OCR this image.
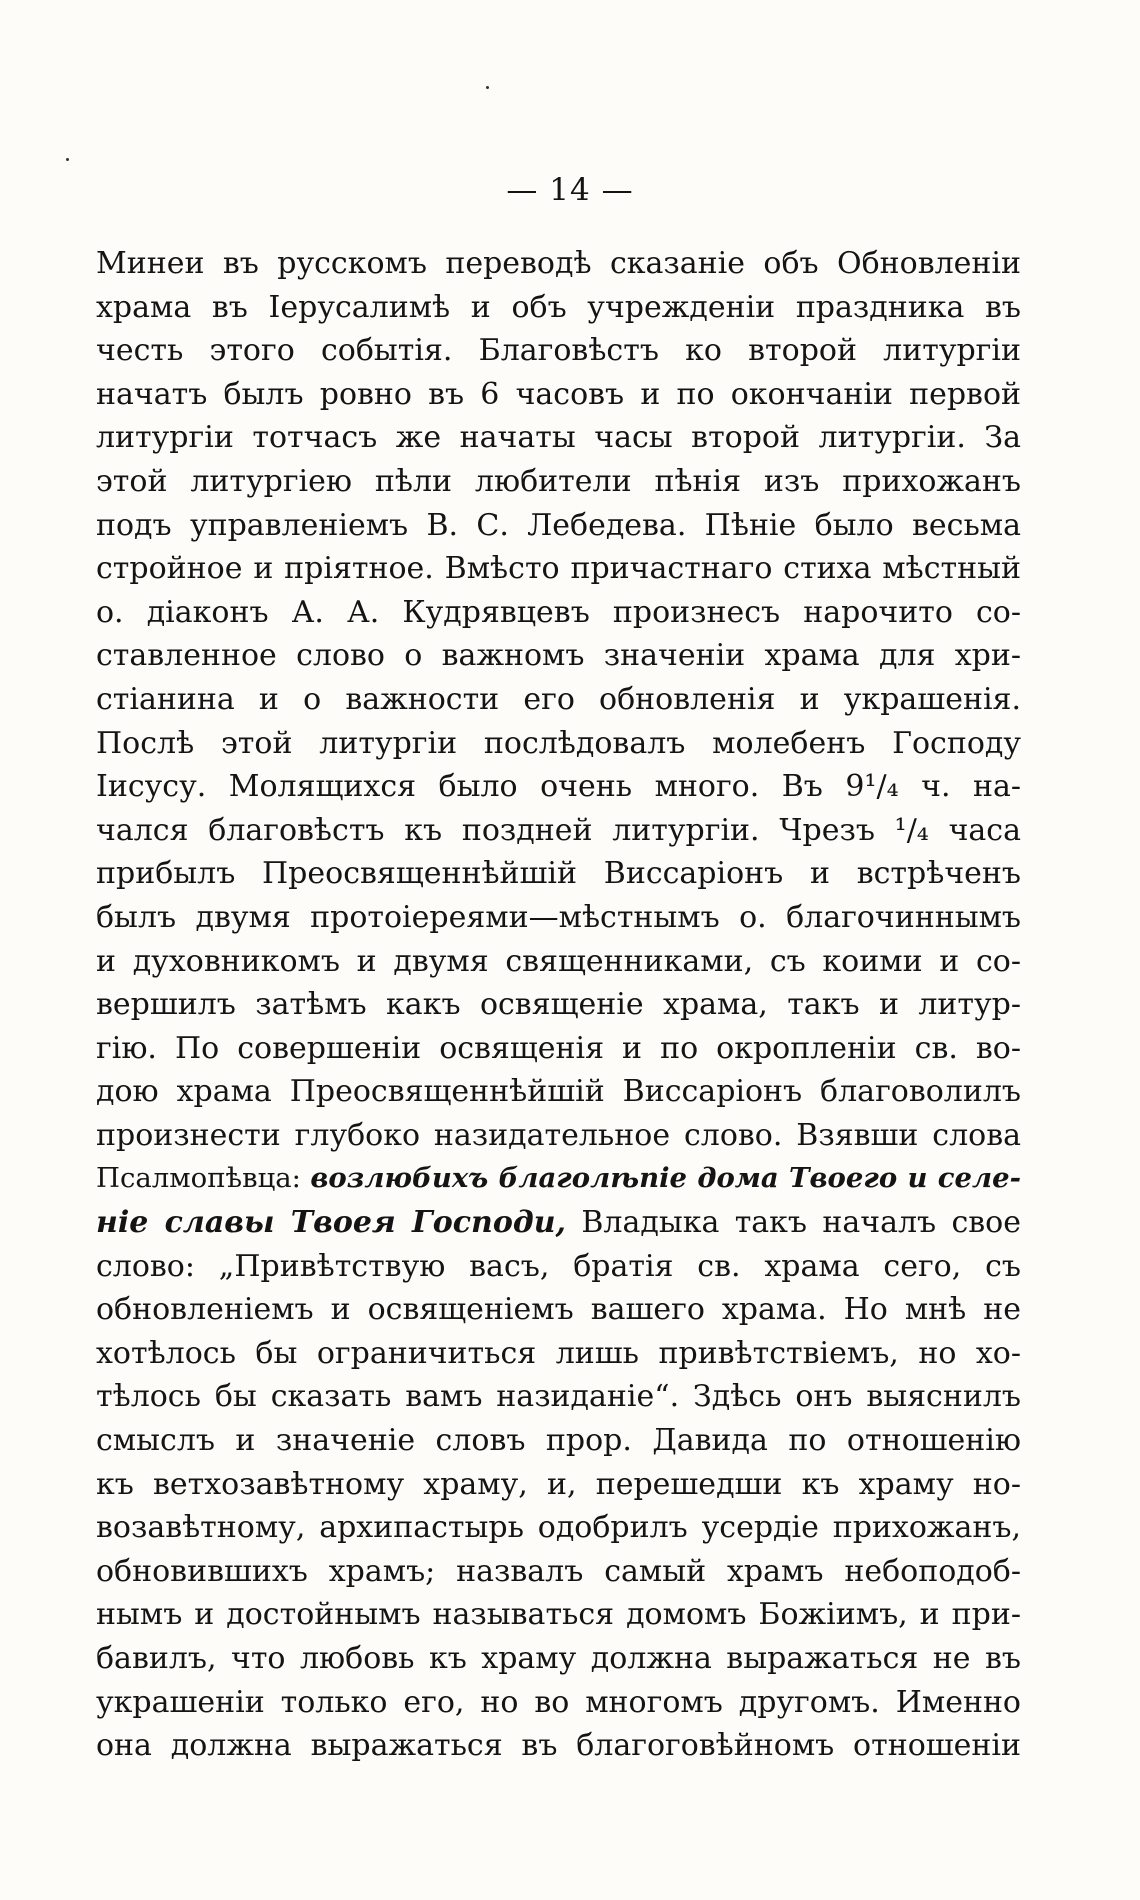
— 14 —
Минеи въ русскомъ переводѣ сказаніе объ Обновленіи
храма въ Іерусалимѣ и объ учрежденіи праздника въ
честь этого событія. Благовѣстъ ко второй литургіи
начатъ былъ ровно въ 6 часовъ и по окончаніи первой
литургіи тотчасъ же начаты часы второй литургіи. За
этой литургіею пѣли любители пѣнія изъ прихожанъ
подъ управленіемъ В. С. Лебедева. Пѣніе было весьма
стройное и пріятное. Вмѣсто причастнаго стиха мѣстный
о. діаконъ А. А. Кудрявцевъ произнесъ нарочито со-
ставленное слово о важномъ значеніи храма для хри-
стіанина и о важности его обновленія и украшенія.
Послѣ этой литургіи послѣдовалъ молебенъ Господу
Іисусу. Молящихся было очень много. Въ 9¹/₄ ч. на-
чался благовѣстъ къ поздней литургіи. Чрезъ ¹/₄ часа
прибылъ Преосвященнѣйшій Виссаріонъ и встрѣченъ
былъ двумя протоіереями—мѣстнымъ о. благочиннымъ
и духовникомъ и двумя священниками, съ коими и со-
вершилъ затѣмъ какъ освященіе храма, такъ и литур-
гію. По совершеніи освященія и по окропленіи св. во-
дою храма Преосвященнѣйшій Виссаріонъ благоволилъ
произнести глубоко назидательное слово. Взявши слова
Псалмопѣвца: возлюбихъ благолѣпіе дома Твоего и селе-
ніе славы Твоея Господи, Владыка такъ началъ свое
слово: „Привѣтствую васъ, братія св. храма сего, съ
обновленіемъ и освященіемъ вашего храма. Но мнѣ не
хотѣлось бы ограничиться лишь привѣтствіемъ, но хо-
тѣлось бы сказать вамъ назиданіе“. Здѣсь онъ выяснилъ
смыслъ и значеніе словъ прор. Давида по отношенію
къ ветхозавѣтному храму, и, перешедши къ храму но-
возавѣтному, архипастырь одобрилъ усердіе прихожанъ,
обновившихъ храмъ; назвалъ самый храмъ небоподоб-
нымъ и достойнымъ называться домомъ Божіимъ, и при-
бавилъ, что любовь къ храму должна выражаться не въ
украшеніи только его, но во многомъ другомъ. Именно
она должна выражаться въ благоговѣйномъ отношеніи
